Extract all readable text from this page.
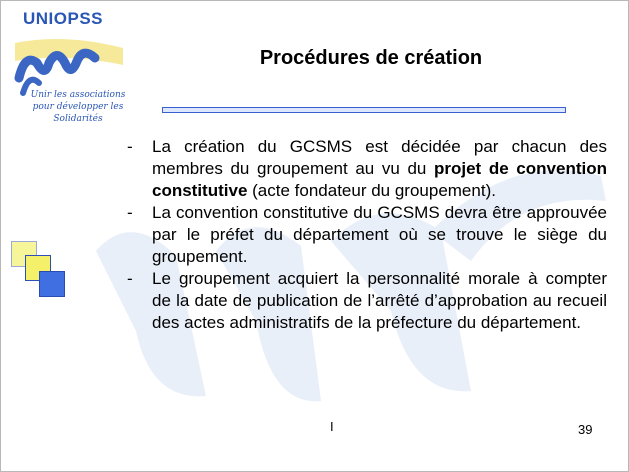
UNIOPSS
Unir les associations pour développer les Solidarités
Procédures de création
- La création du GCSMS est décidée par chacun des membres du groupement au vu du projet de convention constitutive (acte fondateur du groupement).
- La convention constitutive du GCSMS devra être approuvée par le préfet du département où se trouve le siège du groupement.
- Le groupement acquiert la personnalité morale à compter de la date de publication de l’arrêté d’approbation au recueil des actes administratifs de la préfecture du département.
I	39
